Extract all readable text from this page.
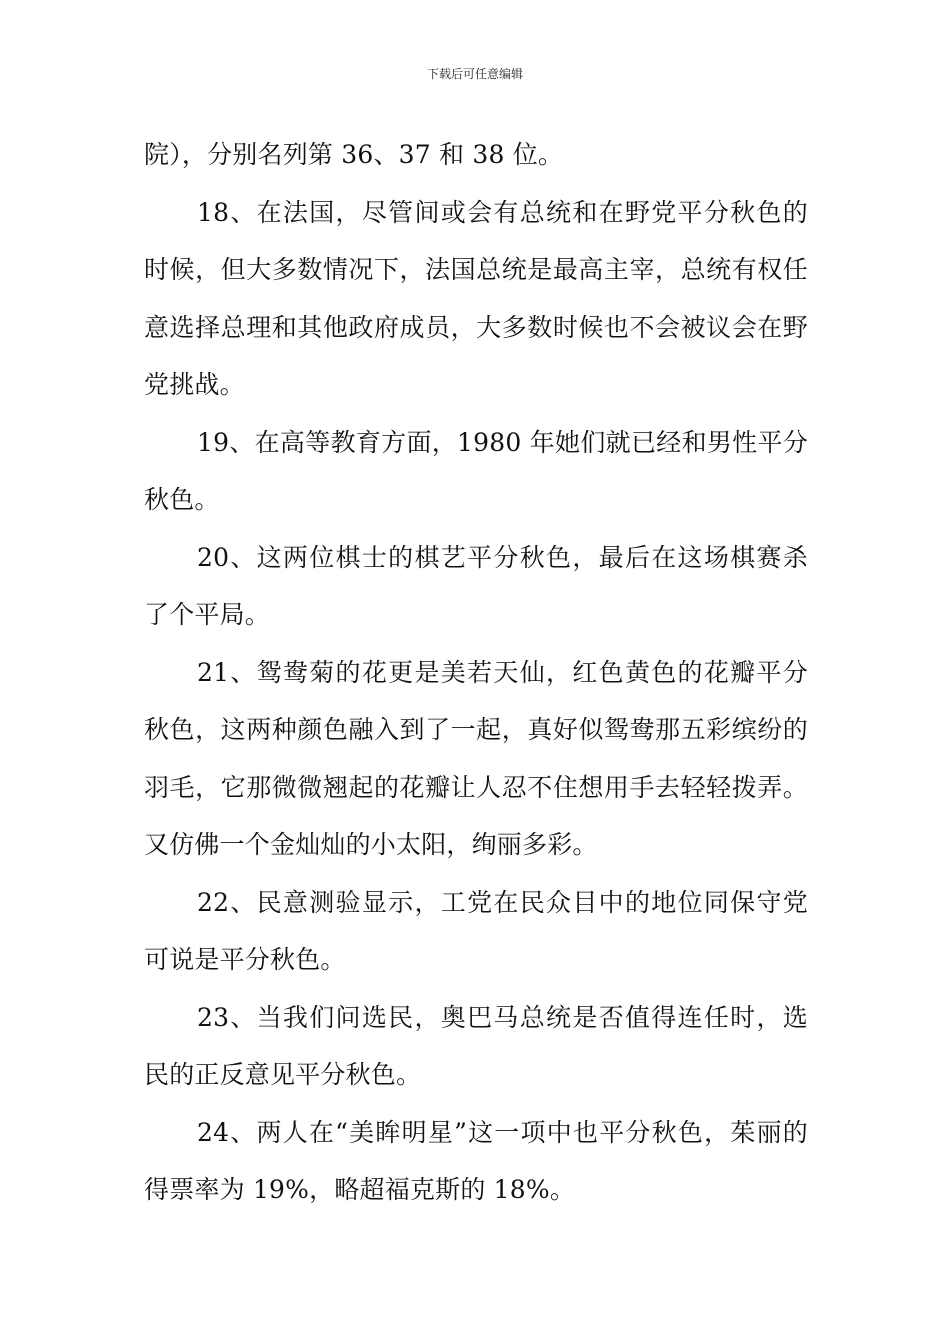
下载后可任意编辑

院），分别名列第 36、37 和 38 位。

18、在法国，尽管间或会有总统和在野党平分秋色的时候，但大多数情况下，法国总统是最高主宰，总统有权任意选择总理和其他政府成员，大多数时候也不会被议会在野党挑战。

19、在高等教育方面，1980 年她们就已经和男性平分秋色。

20、这两位棋士的棋艺平分秋色，最后在这场棋赛杀了个平局。

21、鸳鸯菊的花更是美若天仙，红色黄色的花瓣平分秋色，这两种颜色融入到了一起，真好似鸳鸯那五彩缤纷的羽毛，它那微微翘起的花瓣让人忍不住想用手去轻轻拨弄。又仿佛一个金灿灿的小太阳，绚丽多彩。

22、民意测验显示，工党在民众目中的地位同保守党可说是平分秋色。

23、当我们问选民，奥巴马总统是否值得连任时，选民的正反意见平分秋色。

24、两人在“美眸明星”这一项中也平分秋色，茱丽的得票率为 19%，略超福克斯的 18%。
